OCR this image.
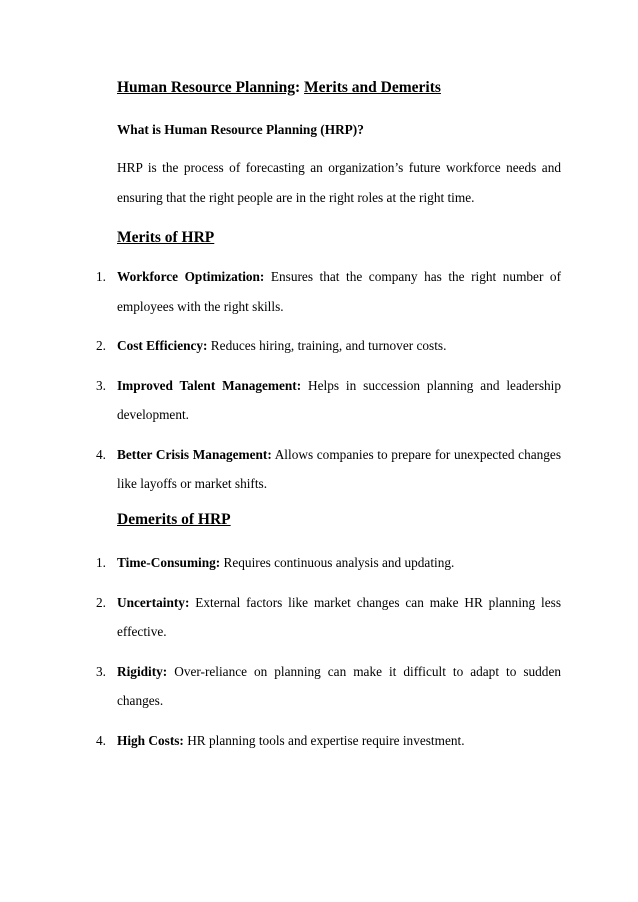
Human Resource Planning: Merits and Demerits
What is Human Resource Planning (HRP)?
HRP is the process of forecasting an organization’s future workforce needs and ensuring that the right people are in the right roles at the right time.
Merits of HRP
1. Workforce Optimization: Ensures that the company has the right number of employees with the right skills.
2. Cost Efficiency: Reduces hiring, training, and turnover costs.
3. Improved Talent Management: Helps in succession planning and leadership development.
4. Better Crisis Management: Allows companies to prepare for unexpected changes like layoffs or market shifts.
Demerits of HRP
1. Time-Consuming: Requires continuous analysis and updating.
2. Uncertainty: External factors like market changes can make HR planning less effective.
3. Rigidity: Over-reliance on planning can make it difficult to adapt to sudden changes.
4. High Costs: HR planning tools and expertise require investment.
